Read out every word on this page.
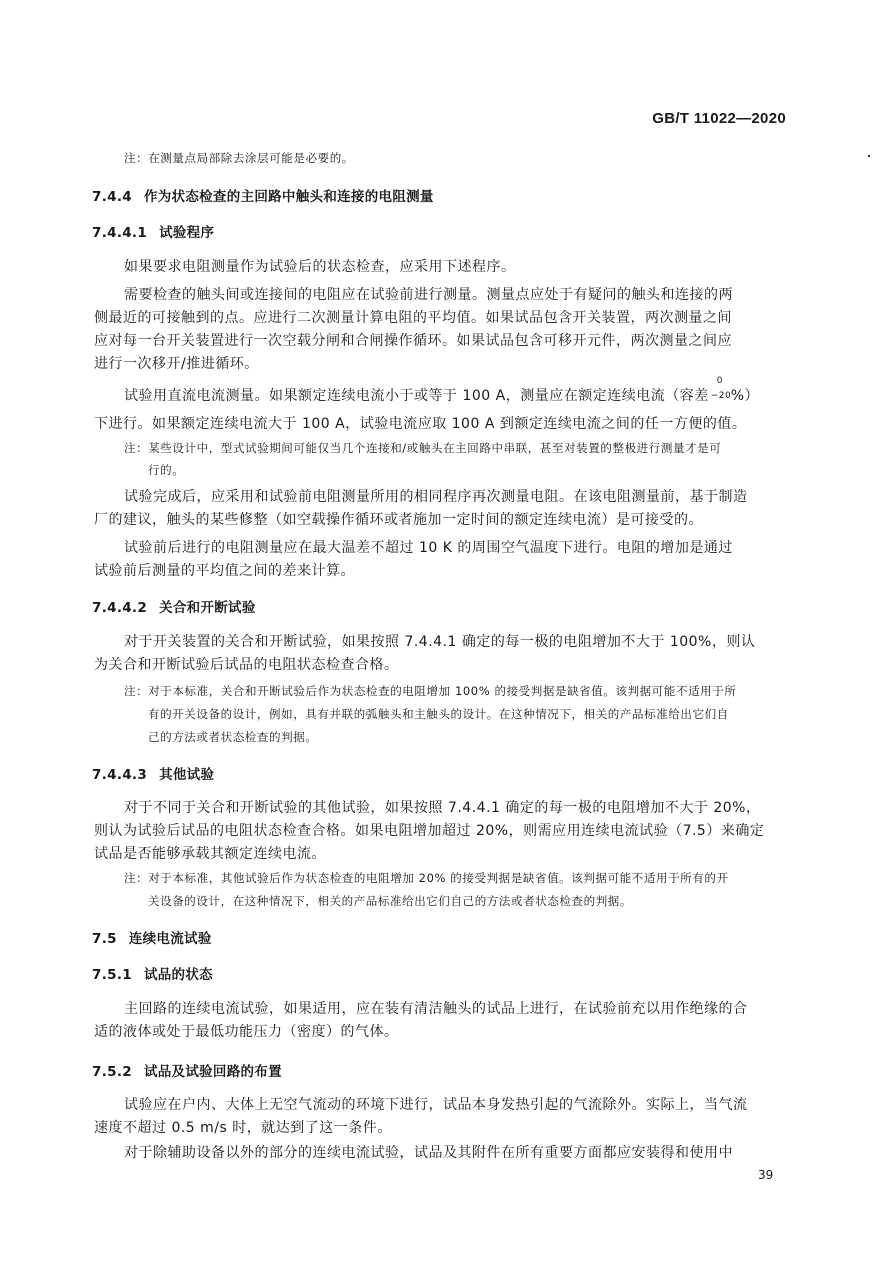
GB/T 11022—2020
注：在测量点局部除去涂层可能是必要的。
7.4.4 作为状态检查的主回路中触头和连接的电阻测量
7.4.4.1 试验程序
如果要求电阻测量作为试验后的状态检查，应采用下述程序。
需要检查的触头间或连接间的电阻应在试验前进行测量。测量点应处于有疑问的触头和连接的两
侧最近的可接触到的点。应进行二次测量计算电阻的平均值。如果试品包含开关装置，两次测量之间
应对每一台开关装置进行一次空载分闸和合闸操作循环。如果试品包含可移开元件，两次测量之间应
进行一次移开/推进循环。
试验用直流电流测量。如果额定连续电流小于或等于 100 A，测量应在额定连续电流（容差
0
−20 %）
下进行。如果额定连续电流大于 100 A，试验电流应取 100 A 到额定连续电流之间的任一方便的值。
注：某些设计中，型式试验期间可能仅当几个连接和/或触头在主回路中串联，甚至对装置的整极进行测量才是可
行的。
试验完成后，应采用和试验前电阻测量所用的相同程序再次测量电阻。在该电阻测量前，基于制造
厂的建议，触头的某些修整（如空载操作循环或者施加一定时间的额定连续电流）是可接受的。
试验前后进行的电阻测量应在最大温差不超过 10 K 的周围空气温度下进行。电阻的增加是通过
试验前后测量的平均值之间的差来计算。
7.4.4.2 关合和开断试验
对于开关装置的关合和开断试验，如果按照 7.4.4.1 确定的每一极的电阻增加不大于 100%，则认
为关合和开断试验后试品的电阻状态检查合格。
注：对于本标准，关合和开断试验后作为状态检查的电阻增加 100% 的接受判据是缺省值。该判据可能不适用于所
有的开关设备的设计，例如，具有并联的弧触头和主触头的设计。在这种情况下，相关的产品标准给出它们自
己的方法或者状态检查的判据。
7.4.4.3 其他试验
对于不同于关合和开断试验的其他试验，如果按照 7.4.4.1 确定的每一极的电阻增加不大于 20%，
则认为试验后试品的电阻状态检查合格。如果电阻增加超过 20%，则需应用连续电流试验（7.5）来确定
试品是否能够承载其额定连续电流。
注：对于本标准，其他试验后作为状态检查的电阻增加 20% 的接受判据是缺省值。该判据可能不适用于所有的开
关设备的设计，在这种情况下，相关的产品标准给出它们自己的方法或者状态检查的判据。
7.5 连续电流试验
7.5.1 试品的状态
主回路的连续电流试验，如果适用，应在装有清洁触头的试品上进行，在试验前充以用作绝缘的合
适的液体或处于最低功能压力（密度）的气体。
7.5.2 试品及试验回路的布置
试验应在户内、大体上无空气流动的环境下进行，试品本身发热引起的气流除外。实际上，当气流
速度不超过 0.5 m/s 时，就达到了这一条件。
对于除辅助设备以外的部分的连续电流试验，试品及其附件在所有重要方面都应安装得和使用中
39
